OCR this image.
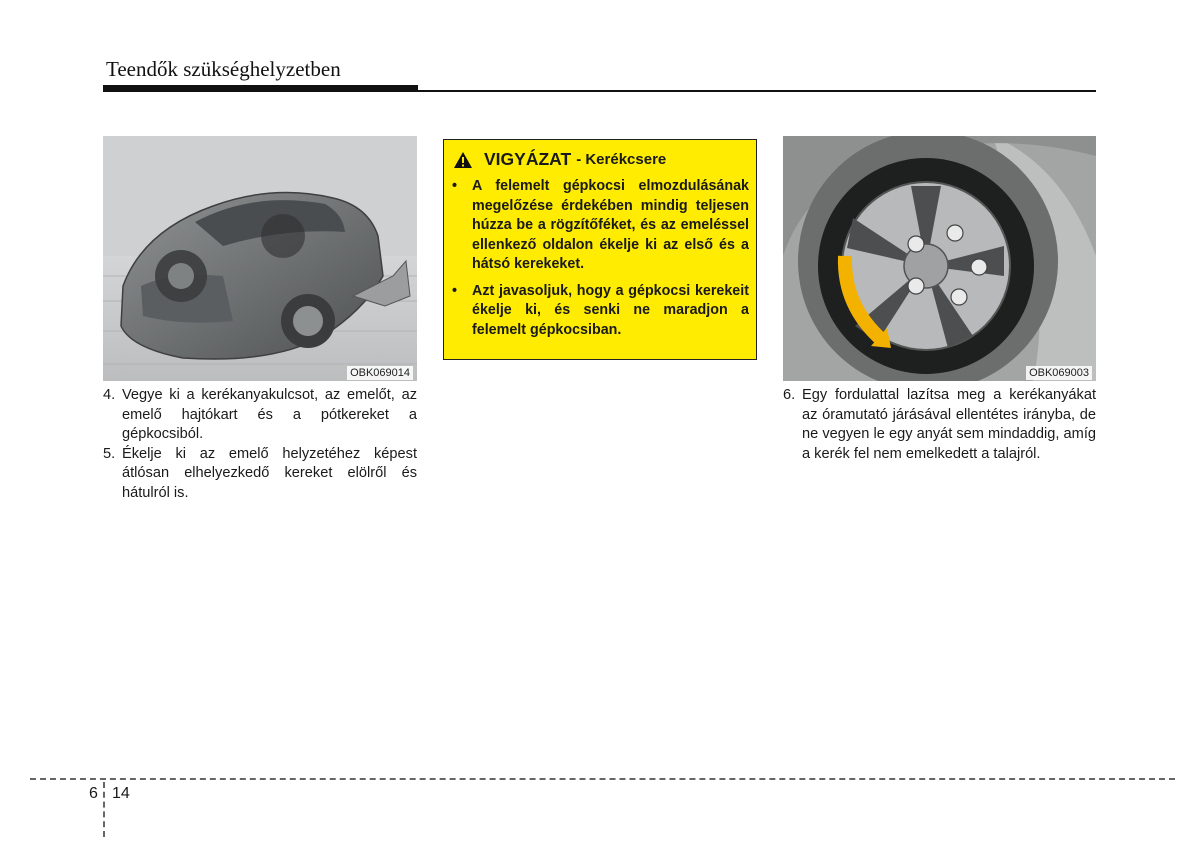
Teendők szükséghelyzetben
OBK069014
4. Vegye ki a kerékanyakulcsot, az emelőt, az emelő hajtókart és a pótkereket a gépkocsiból.
5. Ékelje ki az emelő helyzetéhez képest átlósan elhelyezkedő kereket elölről és hátulról is.
VIGYÁZAT - Kerékcsere
• A felemelt gépkocsi elmozdulásának megelőzése érdekében mindig teljesen húzza be a rögzítőféket, és az emeléssel ellenkező oldalon ékelje ki az első és a hátsó kerekeket.
• Azt javasoljuk, hogy a gépkocsi kerekeit ékelje ki, és senki ne maradjon a felemelt gépkocsiban.
OBK069003
6. Egy fordulattal lazítsa meg a kerékanyákat az óramutató járásával ellentétes irányba, de ne vegyen le egy anyát sem mindaddig, amíg a kerék fel nem emelkedett a talajról.
6 14
